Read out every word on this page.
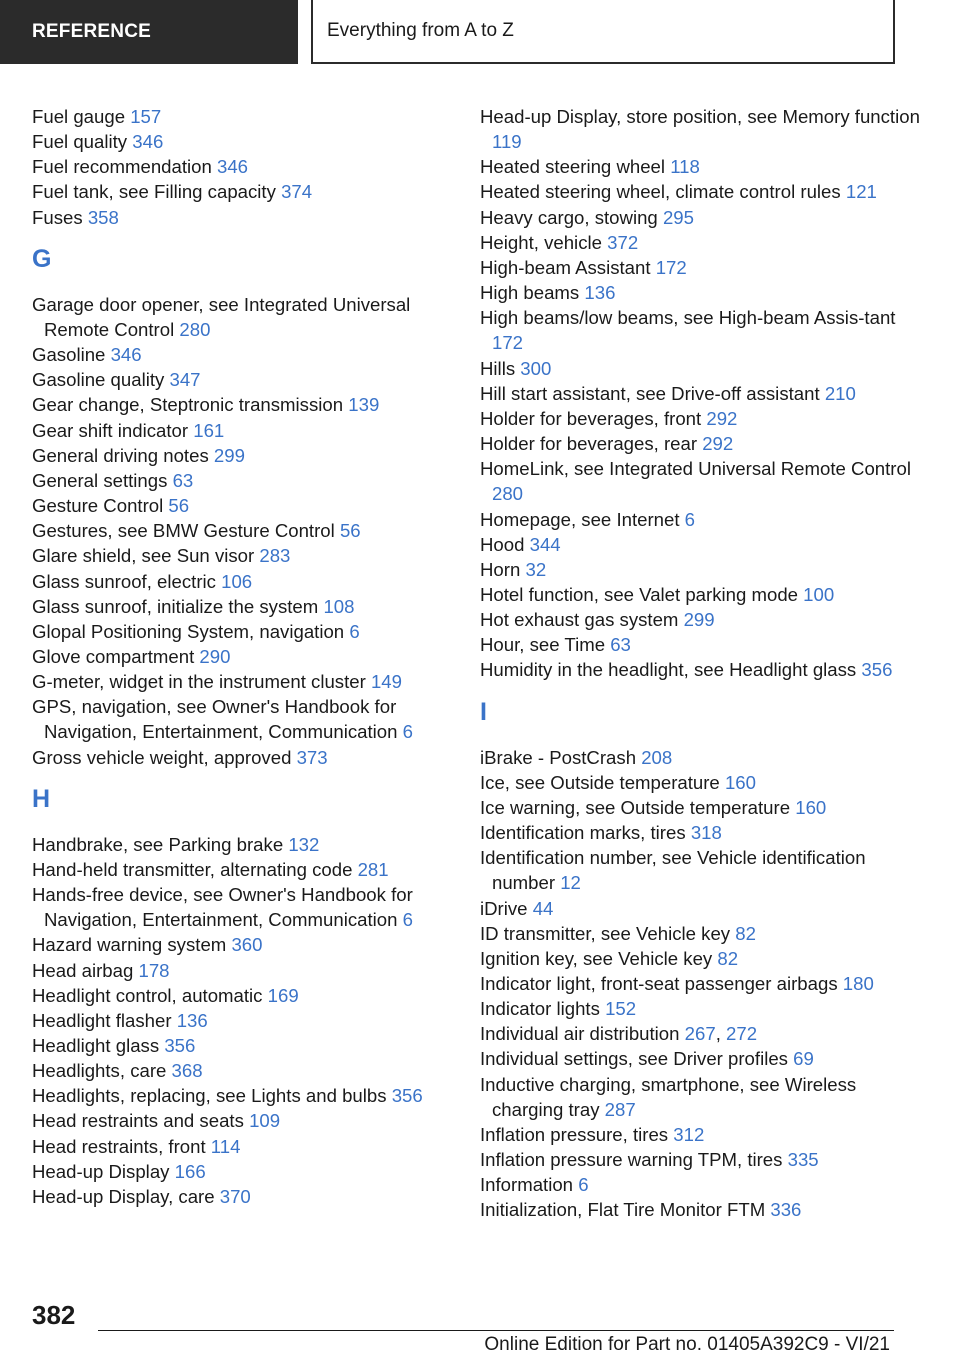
REFERENCE	Everything from A to Z
Fuel gauge 157
Fuel quality 346
Fuel recommendation 346
Fuel tank, see Filling capacity 374
Fuses 358
G
Garage door opener, see Integrated Universal Remote Control 280
Gasoline 346
Gasoline quality 347
Gear change, Steptronic transmission 139
Gear shift indicator 161
General driving notes 299
General settings 63
Gesture Control 56
Gestures, see BMW Gesture Control 56
Glare shield, see Sun visor 283
Glass sunroof, electric 106
Glass sunroof, initialize the system 108
Glopal Positioning System, navigation 6
Glove compartment 290
G-meter, widget in the instrument cluster 149
GPS, navigation, see Owner's Handbook for Navigation, Entertainment, Communication 6
Gross vehicle weight, approved 373
H
Handbrake, see Parking brake 132
Hand-held transmitter, alternating code 281
Hands-free device, see Owner's Handbook for Navigation, Entertainment, Communication 6
Hazard warning system 360
Head airbag 178
Headlight control, automatic 169
Headlight flasher 136
Headlight glass 356
Headlights, care 368
Headlights, replacing, see Lights and bulbs 356
Head restraints and seats 109
Head restraints, front 114
Head-up Display 166
Head-up Display, care 370
Head-up Display, store position, see Memory function 119
Heated steering wheel 118
Heated steering wheel, climate control rules 121
Heavy cargo, stowing 295
Height, vehicle 372
High-beam Assistant 172
High beams 136
High beams/low beams, see High-beam Assis‐tant 172
Hills 300
Hill start assistant, see Drive-off assistant 210
Holder for beverages, front 292
Holder for beverages, rear 292
HomeLink, see Integrated Universal Remote Control 280
Homepage, see Internet 6
Hood 344
Horn 32
Hotel function, see Valet parking mode 100
Hot exhaust gas system 299
Hour, see Time 63
Humidity in the headlight, see Headlight glass 356
I
iBrake - PostCrash 208
Ice, see Outside temperature 160
Ice warning, see Outside temperature 160
Identification marks, tires 318
Identification number, see Vehicle identification number 12
iDrive 44
ID transmitter, see Vehicle key 82
Ignition key, see Vehicle key 82
Indicator light, front-seat passenger airbags 180
Indicator lights 152
Individual air distribution 267, 272
Individual settings, see Driver profiles 69
Inductive charging, smartphone, see Wireless charging tray 287
Inflation pressure, tires 312
Inflation pressure warning TPM, tires 335
Information 6
Initialization, Flat Tire Monitor FTM 336
382
Online Edition for Part no. 01405A392C9 - VI/21
